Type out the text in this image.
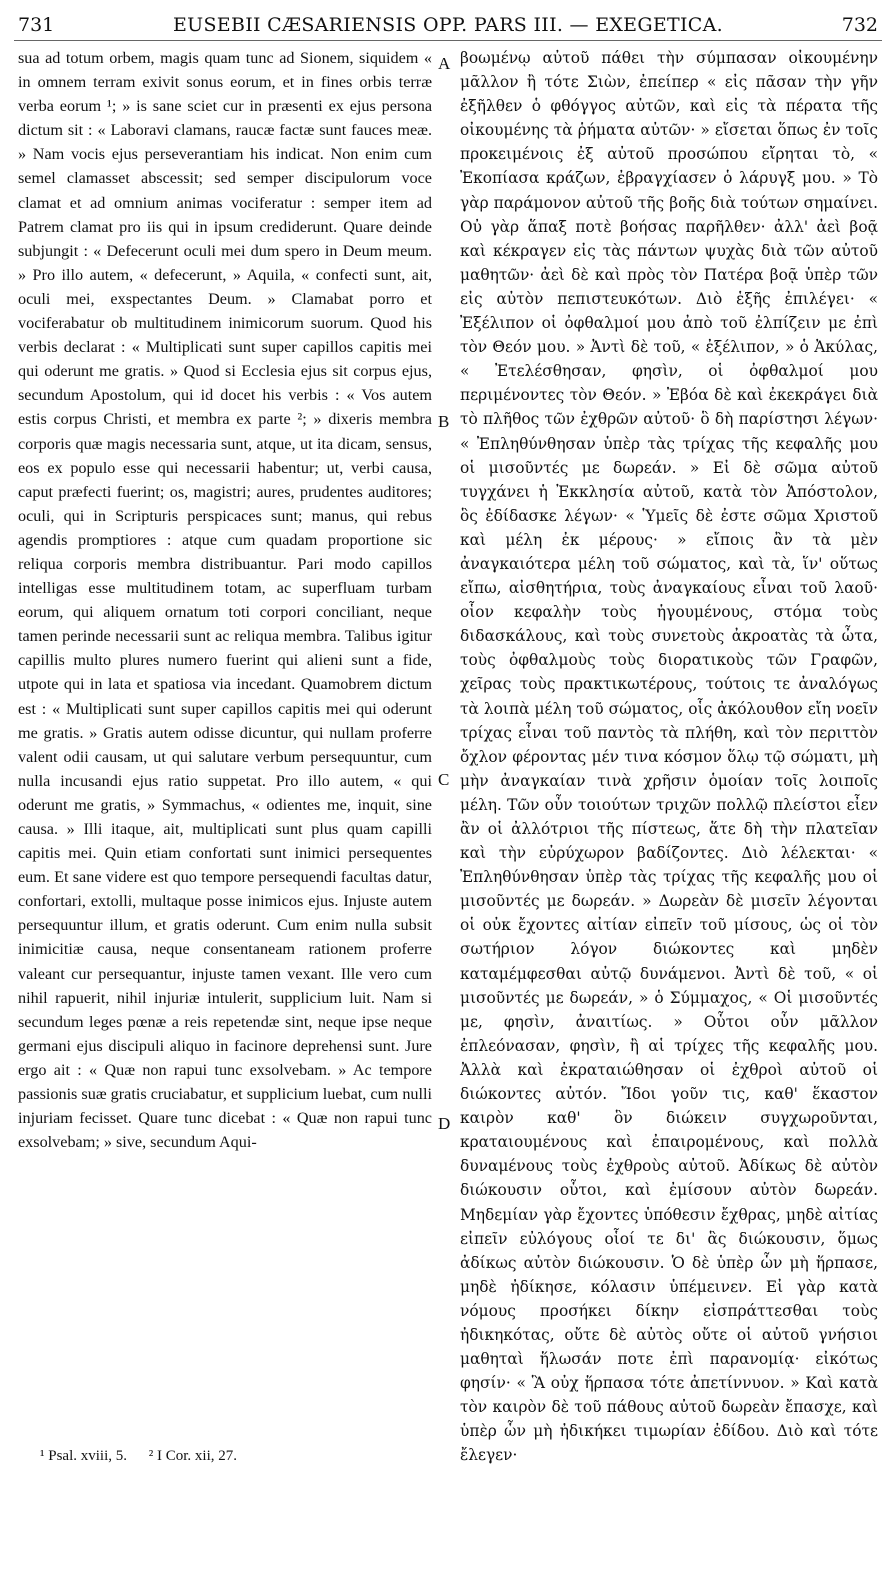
731	EUSEBII CÆSARIENSIS OPP. PARS III. — EXEGETICA.	732

sua ad totum orbem, magis quam tunc ad Sionem, siquidem « in omnem terram exivit sonus eorum, et in fines orbis terræ verba eorum ¹; » is sane sciet cur in præsenti ex ejus persona dictum sit : « Laboravi clamans, raucæ factæ sunt fauces meæ. » Nam vocis ejus perseverantiam his indicat. Non enim cum semel clamasset abscessit; sed semper discipulorum voce clamat et ad omnium animas vociferatur : semper item ad Patrem clamat pro iis qui in ipsum crediderunt. Quare deinde subjungit : « Defecerunt oculi mei dum spero in Deum meum. » Pro illo autem, « defecerunt, » Aquila, « confecti sunt, ait, oculi mei, exspectantes Deum. » Clamabat porro et vociferabatur ob multitudinem inimicorum suorum. Quod his verbis declarat : « Multiplicati sunt super capillos capitis mei qui oderunt me gratis. » Quod si Ecclesia ejus sit corpus ejus, secundum Apostolum, qui id docet his verbis : « Vos autem estis corpus Christi, et membra ex parte ²; » dixeris membra corporis quæ magis necessaria sunt, atque, ut ita dicam, sensus, eos ex populo esse qui necessarii habentur; ut, verbi causa, caput præfecti fuerint; os, magistri; aures, prudentes auditores; oculi, qui in Scripturis perspicaces sunt; manus, qui rebus agendis promptiores : atque cum quadam proportione sic reliqua corporis membra distribuantur. Pari modo capillos intelligas esse multitudinem totam, ac superfluam turbam eorum, qui aliquem ornatum toti corpori conciliant, neque tamen perinde necessarii sunt ac reliqua membra. Talibus igitur capillis multo plures numero fuerint qui alieni sunt a fide, utpote qui in lata et spatiosa via incedant. Quamobrem dictum est : « Multiplicati sunt super capillos capitis mei qui oderunt me gratis. » Gratis autem odisse dicuntur, qui nullam proferre valent odii causam, ut qui salutare verbum persequuntur, cum nulla incusandi ejus ratio suppetat. Pro illo autem, « qui oderunt me gratis, » Symmachus, « odientes me, inquit, sine causa. » Illi itaque, ait, multiplicati sunt plus quam capilli capitis mei. Quin etiam confortati sunt inimici persequentes eum. Et sane videre est quo tempore persequendi facultas datur, confortari, extolli, multaque posse inimicos ejus. Injuste autem persequuntur illum, et gratis oderunt. Cum enim nulla subsit inimicitiæ causa, neque consentaneam rationem proferre valeant cur persequantur, injuste tamen vexant. Ille vero cum nihil rapuerit, nihil injuriæ intulerit, supplicium luit. Nam si secundum leges pœnæ a reis repetendæ sint, neque ipse neque germani ejus discipuli aliquo in facinore deprehensi sunt. Jure ergo ait : « Quæ non rapui tunc exsolvebam. » Ac tempore passionis suæ gratis cruciabatur, et supplicium luebat, cum nulli injuriam fecisset. Quare tunc dicebat : « Quæ non rapui tunc exsolvebam; » sive, secundum Aqui-

A
B
C
D

βοωμένῳ αὐτοῦ πάθει τὴν σύμπασαν οἰκουμένην μᾶλλον ἢ τότε Σιὼν, ἐπείπερ « εἰς πᾶσαν τὴν γῆν ἐξῆλθεν ὁ φθόγγος αὐτῶν, καὶ εἰς τὰ πέρατα τῆς οἰκουμένης τὰ ῥήματα αὐτῶν· » εἴσεται ὅπως ἐν τοῖς προκειμένοις ἐξ αὐτοῦ προσώπου εἴρηται τὸ, « Ἐκοπίασα κράζων, ἐβραγχίασεν ὁ λάρυγξ μου. » Τὸ γὰρ παράμονον αὐτοῦ τῆς βοῆς διὰ τούτων σημαίνει. Οὐ γὰρ ἅπαξ ποτὲ βοήσας παρῆλθεν· ἀλλ' ἀεὶ βοᾷ καὶ κέκραγεν εἰς τὰς πάντων ψυχὰς διὰ τῶν αὐτοῦ μαθητῶν· ἀεὶ δὲ καὶ πρὸς τὸν Πατέρα βοᾷ ὑπὲρ τῶν εἰς αὐτὸν πεπιστευκότων. Διὸ ἑξῆς ἐπιλέγει· « Ἐξέλιπον οἱ ὀφθαλμοί μου ἀπὸ τοῦ ἐλπίζειν με ἐπὶ τὸν Θεόν μου. » Ἀντὶ δὲ τοῦ, « ἐξέλιπον, » ὁ Ἀκύλας, « Ἐτελέσθησαν, φησὶν, οἱ ὀφθαλμοί μου περιμένοντες τὸν Θεόν. » Ἐβόα δὲ καὶ ἐκεκράγει διὰ τὸ πλῆθος τῶν ἐχθρῶν αὐτοῦ· ὃ δὴ παρίστησι λέγων· « Ἐπληθύνθησαν ὑπὲρ τὰς τρίχας τῆς κεφαλῆς μου οἱ μισοῦντές με δωρεάν. » Εἰ δὲ σῶμα αὐτοῦ τυγχάνει ἡ Ἐκκλησία αὐτοῦ, κατὰ τὸν Ἀπόστολον, ὃς ἐδίδασκε λέγων· « Ὑμεῖς δὲ ἐστε σῶμα Χριστοῦ καὶ μέλη ἐκ μέρους· » εἴποις ἂν τὰ μὲν ἀναγκαιότερα μέλη τοῦ σώματος, καὶ τὰ, ἵν' οὕτως εἴπω, αἰσθητήρια, τοὺς ἀναγκαίους εἶναι τοῦ λαοῦ· οἷον κεφαλὴν τοὺς ἡγουμένους, στόμα τοὺς διδασκάλους, καὶ τοὺς συνετοὺς ἀκροατὰς τὰ ὦτα, τοὺς ὀφθαλμοὺς τοὺς διορατικοὺς τῶν Γραφῶν, χεῖρας τοὺς πρακτικωτέρους, τούτοις τε ἀναλόγως τὰ λοιπὰ μέλη τοῦ σώματος, οἷς ἀκόλουθον εἴη νοεῖν τρίχας εἶναι τοῦ παντὸς τὰ πλήθη, καὶ τὸν περιττὸν ὄχλον φέροντας μέν τινα κόσμον ὅλῳ τῷ σώματι, μὴ μὴν ἀναγκαίαν τινὰ χρῆσιν ὁμοίαν τοῖς λοιποῖς μέλη. Τῶν οὖν τοιούτων τριχῶν πολλῷ πλείστοι εἶεν ἂν οἱ ἀλλότριοι τῆς πίστεως, ἅτε δὴ τὴν πλατεῖαν καὶ τὴν εὐρύχωρον βαδίζοντες. Διὸ λέλεκται· « Ἐπληθύνθησαν ὑπὲρ τὰς τρίχας τῆς κεφαλῆς μου οἱ μισοῦντές με δωρεάν. » Δωρεὰν δὲ μισεῖν λέγονται οἱ οὐκ ἔχοντες αἰτίαν εἰπεῖν τοῦ μίσους, ὡς οἱ τὸν σωτήριον λόγον διώκοντες καὶ μηδὲν καταμέμφεσθαι αὐτῷ δυνάμενοι. Ἀντὶ δὲ τοῦ, « οἱ μισοῦντές με δωρεάν, » ὁ Σύμμαχος, « Οἱ μισοῦντές με, φησὶν, ἀναιτίως. » Οὗτοι οὖν μᾶλλον ἐπλεόνασαν, φησὶν, ἢ αἱ τρίχες τῆς κεφαλῆς μου. Ἀλλὰ καὶ ἐκραταιώθησαν οἱ ἐχθροὶ αὐτοῦ οἱ διώκοντες αὐτόν. Ἴδοι γοῦν τις, καθ' ἕκαστον καιρὸν καθ' ὃν διώκειν συγχωροῦνται, κραταιουμένους καὶ ἐπαιρομένους, καὶ πολλὰ δυναμένους τοὺς ἐχθροὺς αὐτοῦ. Ἀδίκως δὲ αὐτὸν διώκουσιν οὗτοι, καὶ ἐμίσουν αὐτὸν δωρεάν. Μηδεμίαν γὰρ ἔχοντες ὑπόθεσιν ἔχθρας, μηδὲ αἰτίας εἰπεῖν εὐλόγους οἷοί τε δι' ἃς διώκουσιν, ὅμως ἀδίκως αὐτὸν διώκουσιν. Ὁ δὲ ὑπὲρ ὧν μὴ ἥρπασε, μηδὲ ἠδίκησε, κόλασιν ὑπέμεινεν. Εἰ γὰρ κατὰ νόμους προσήκει δίκην εἰσπράττεσθαι τοὺς ἠδικηκότας, οὔτε δὲ αὐτὸς οὔτε οἱ αὐτοῦ γνήσιοι μαθηταὶ ἥλωσάν ποτε ἐπὶ παρανομίᾳ· εἰκότως φησίν· « Ἃ οὐχ ἥρπασα τότε ἀπετίννυον. » Καὶ κατὰ τὸν καιρὸν δὲ τοῦ πάθους αὐτοῦ δωρεὰν ἔπασχε, καὶ ὑπὲρ ὧν μὴ ἠδικήκει τιμωρίαν ἐδίδου. Διὸ καὶ τότε ἔλεγεν·

¹ Psal. xviii, 5. ² I Cor. xii, 27.
